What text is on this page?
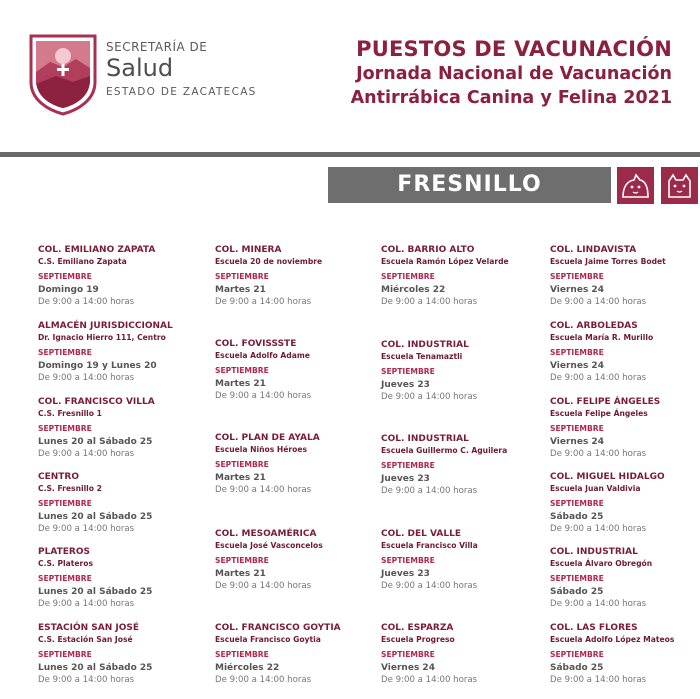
SECRETARÍA DE
Salud
ESTADO DE ZACATECAS
PUESTOS DE VACUNACIÓN
Jornada Nacional de Vacunación
Antirrábica Canina y Felina 2021
FRESNILLO
COL. EMILIANO ZAPATA
C.S. Emiliano Zapata
SEPTIEMBRE
Domingo 19
De 9:00 a 14:00 horas
ALMACÉN JURISDICCIONAL
Dr. Ignacio Hierro 111, Centro
SEPTIEMBRE
Domingo 19 y Lunes 20
De 9:00 a 14:00 horas
COL. FRANCISCO VILLA
C.S. Fresnillo 1
SEPTIEMBRE
Lunes 20 al Sábado 25
De 9:00 a 14:00 horas
CENTRO
C.S. Fresnillo 2
SEPTIEMBRE
Lunes 20 al Sábado 25
De 9:00 a 14:00 horas
PLATEROS
C.S. Plateros
SEPTIEMBRE
Lunes 20 al Sábado 25
De 9:00 a 14:00 horas
ESTACIÓN SAN JOSÉ
C.S. Estación San José
SEPTIEMBRE
Lunes 20 al Sábado 25
De 9:00 a 14:00 horas
COL. MINERA
Escuela 20 de noviembre
SEPTIEMBRE
Martes 21
De 9:00 a 14:00 horas
COL. FOVISSSTE
Escuela Adolfo Adame
SEPTIEMBRE
Martes 21
De 9:00 a 14:00 horas
COL. PLAN DE AYALA
Escuela Niños Héroes
SEPTIEMBRE
Martes 21
De 9:00 a 14:00 horas
COL. MESOAMÉRICA
Escuela José Vasconcelos
SEPTIEMBRE
Martes 21
De 9:00 a 14:00 horas
COL. FRANCISCO GOYTIA
Escuela Francisco Goytia
SEPTIEMBRE
Miércoles 22
De 9:00 a 14:00 horas
COL. BARRIO ALTO
Escuela Ramón López Velarde
SEPTIEMBRE
Miércoles 22
De 9:00 a 14:00 horas
COL. INDUSTRIAL
Escuela Tenamaztli
SEPTIEMBRE
Jueves 23
De 9:00 a 14:00 horas
COL. INDUSTRIAL
Escuela Guillermo C. Aguilera
SEPTIEMBRE
Jueves 23
De 9:00 a 14:00 horas
COL. DEL VALLE
Escuela Francisco Villa
SEPTIEMBRE
Jueves 23
De 9:00 a 14:00 horas
COL. ESPARZA
Escuela Progreso
SEPTIEMBRE
Viernes 24
De 9:00 a 14:00 horas
COL. LINDAVISTA
Escuela Jaime Torres Bodet
SEPTIEMBRE
Viernes 24
De 9:00 a 14:00 horas
COL. ARBOLEDAS
Escuela María R. Murillo
SEPTIEMBRE
Viernes 24
De 9:00 a 14:00 horas
COL. FELIPE ÁNGELES
Escuela Felipe Ángeles
SEPTIEMBRE
Viernes 24
De 9:00 a 14:00 horas
COL. MIGUEL HIDALGO
Escuela Juan Valdivia
SEPTIEMBRE
Sábado 25
De 9:00 a 14:00 horas
COL. INDUSTRIAL
Escuela Álvaro Obregón
SEPTIEMBRE
Sábado 25
De 9:00 a 14:00 horas
COL. LAS FLORES
Escuela Adolfo López Mateos
SEPTIEMBRE
Sábado 25
De 9:00 a 14:00 horas
